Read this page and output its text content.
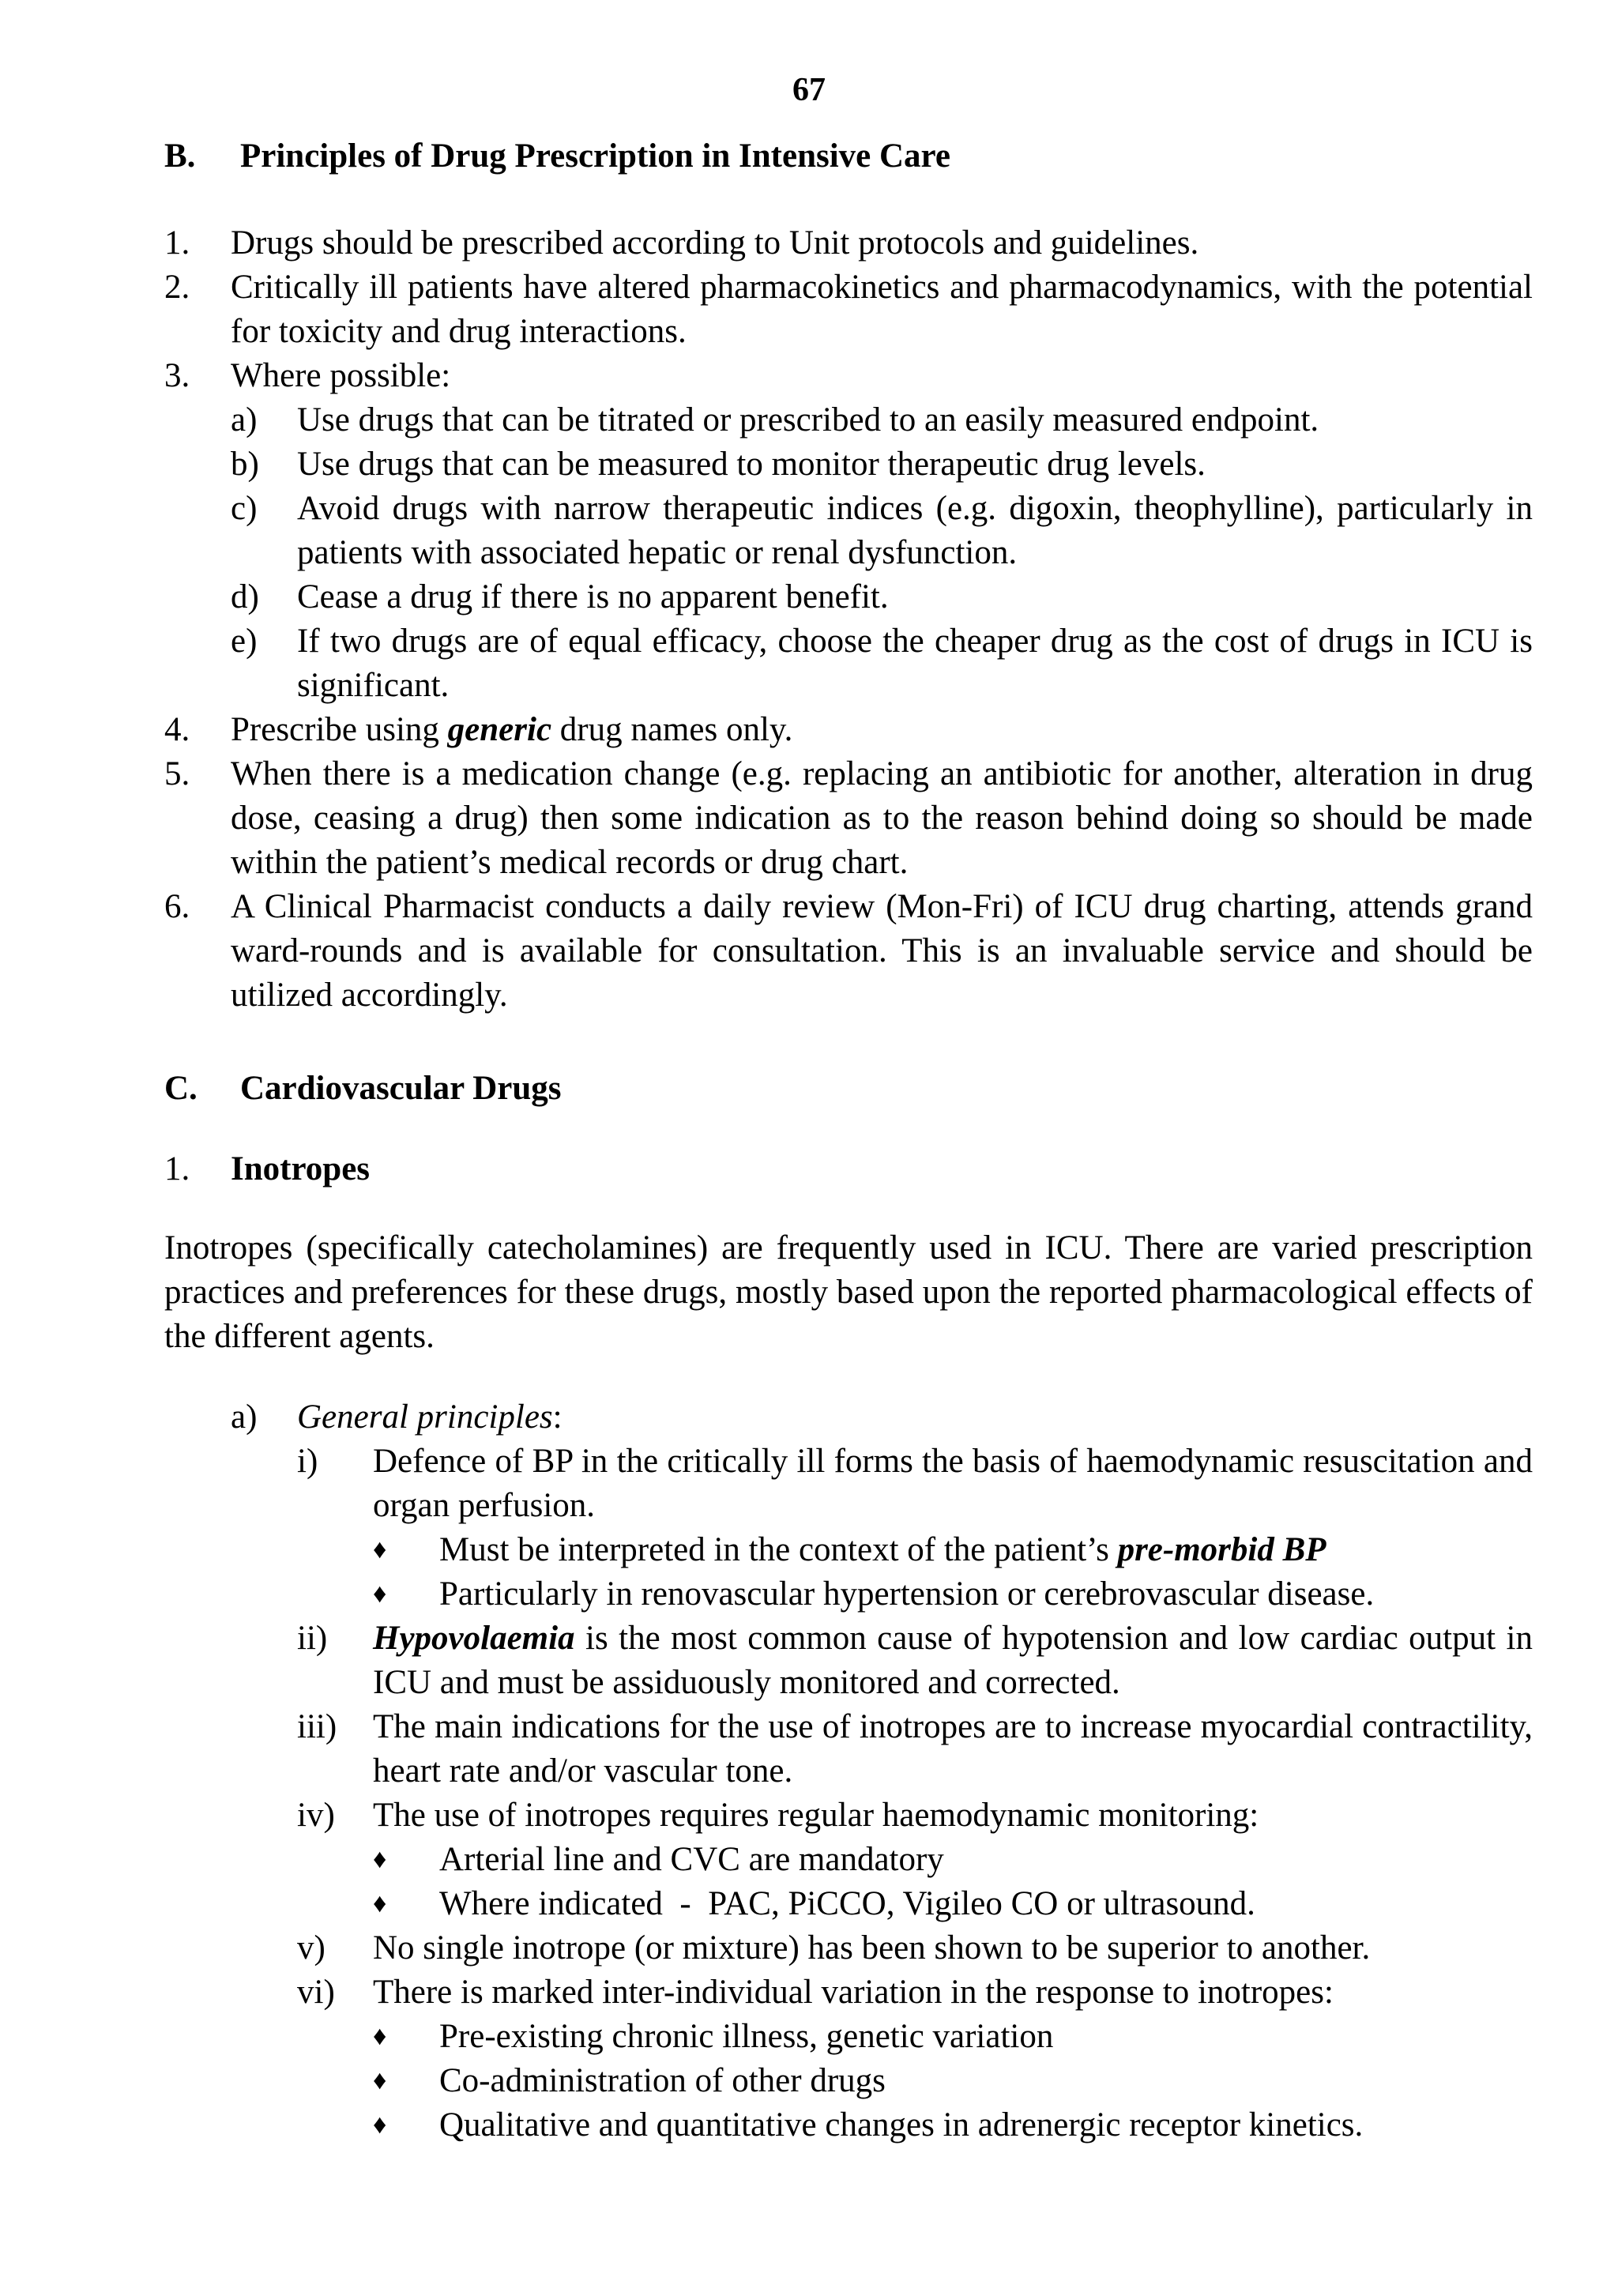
67
B. Principles of Drug Prescription in Intensive Care
1. Drugs should be prescribed according to Unit protocols and guidelines.
2. Critically ill patients have altered pharmacokinetics and pharmacodynamics, with the potential for toxicity and drug interactions.
3. Where possible:
a) Use drugs that can be titrated or prescribed to an easily measured endpoint.
b) Use drugs that can be measured to monitor therapeutic drug levels.
c) Avoid drugs with narrow therapeutic indices (e.g. digoxin, theophylline), particularly in patients with associated hepatic or renal dysfunction.
d) Cease a drug if there is no apparent benefit.
e) If two drugs are of equal efficacy, choose the cheaper drug as the cost of drugs in ICU is significant.
4. Prescribe using generic drug names only.
5. When there is a medication change (e.g. replacing an antibiotic for another, alteration in drug dose, ceasing a drug) then some indication as to the reason behind doing so should be made within the patient’s medical records or drug chart.
6. A Clinical Pharmacist conducts a daily review (Mon-Fri) of ICU drug charting, attends grand ward-rounds and is available for consultation. This is an invaluable service and should be utilized accordingly.
C. Cardiovascular Drugs
1. Inotropes
Inotropes (specifically catecholamines) are frequently used in ICU. There are varied prescription practices and preferences for these drugs, mostly based upon the reported pharmacological effects of the different agents.
a) General principles:
i) Defence of BP in the critically ill forms the basis of haemodynamic resuscitation and organ perfusion.
♦ Must be interpreted in the context of the patient’s pre-morbid BP
♦ Particularly in renovascular hypertension or cerebrovascular disease.
ii) Hypovolaemia is the most common cause of hypotension and low cardiac output in ICU and must be assiduously monitored and corrected.
iii) The main indications for the use of inotropes are to increase myocardial contractility, heart rate and/or vascular tone.
iv) The use of inotropes requires regular haemodynamic monitoring:
♦ Arterial line and CVC are mandatory
♦ Where indicated  -  PAC, PiCCO, Vigileo CO or ultrasound.
v) No single inotrope (or mixture) has been shown to be superior to another.
vi) There is marked inter-individual variation in the response to inotropes:
♦ Pre-existing chronic illness, genetic variation
♦ Co-administration of other drugs
♦ Qualitative and quantitative changes in adrenergic receptor kinetics.
